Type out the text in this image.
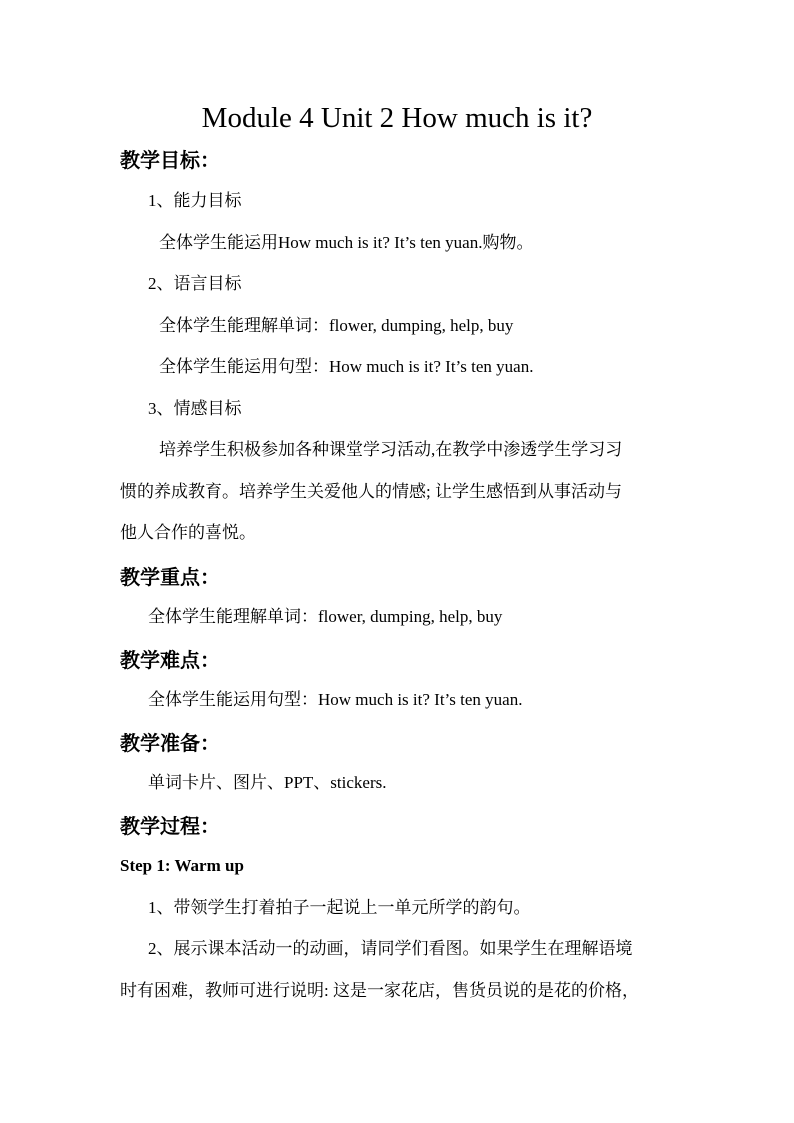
Module 4 Unit 2 How much is it?
教学目标：
1、能力目标
全体学生能运用How much is it? It’s ten yuan.购物。
2、语言目标
全体学生能理解单词：flower, dumping, help, buy
全体学生能运用句型：How much is it? It’s ten yuan.
3、情感目标
培养学生积极参加各种课堂学习活动,在教学中渗透学生学习习
惯的养成教育。培养学生关爱他人的情感; 让学生感悟到从事活动与
他人合作的喜悦。
教学重点：
全体学生能理解单词：flower, dumping, help, buy
教学难点：
全体学生能运用句型：How much is it? It’s ten yuan.
教学准备：
单词卡片、图片、PPT、stickers.
教学过程：
Step 1: Warm up
1、带领学生打着拍子一起说上一单元所学的韵句。
2、展示课本活动一的动画，请同学们看图。如果学生在理解语境
时有困难，教师可进行说明: 这是一家花店，售货员说的是花的价格，
